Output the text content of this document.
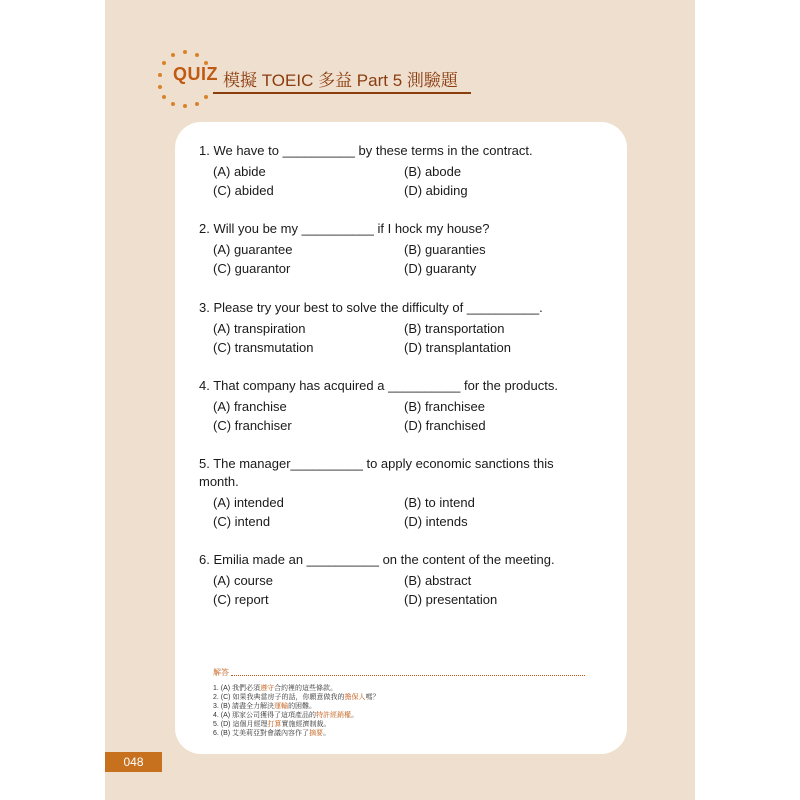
QUIZ 模擬 TOEIC 多益 Part 5 測驗題
1. We have to __________ by these terms in the contract.
(A) abide	(B) abode
(C) abided	(D) abiding
2. Will you be my __________ if I hock my house?
(A) guarantee	(B) guaranties
(C) guarantor	(D) guaranty
3. Please try your best to solve the difficulty of __________.
(A) transpiration	(B) transportation
(C) transmutation	(D) transplantation
4. That company has acquired a __________ for the products.
(A) franchise	(B) franchisee
(C) franchiser	(D) franchised
5. The manager__________ to apply economic sanctions this month.
(A) intended	(B) to intend
(C) intend	(D) intends
6. Emilia made an __________ on the content of the meeting.
(A) course	(B) abstract
(C) report	(D) presentation
解答
1. (A) 我們必須遵守合約裡的這些條款。
2. (C) 如果我典當房子的話，你願意做我的擔保人嗎？
3. (B) 請盡全力解決運輸的困難。
4. (A) 那家公司獲得了這項產品的特許經銷權。
5. (D) 這個月經理打算實施經濟制裁。
6. (B) 艾美莉亞對會議內容作了摘要。
048
